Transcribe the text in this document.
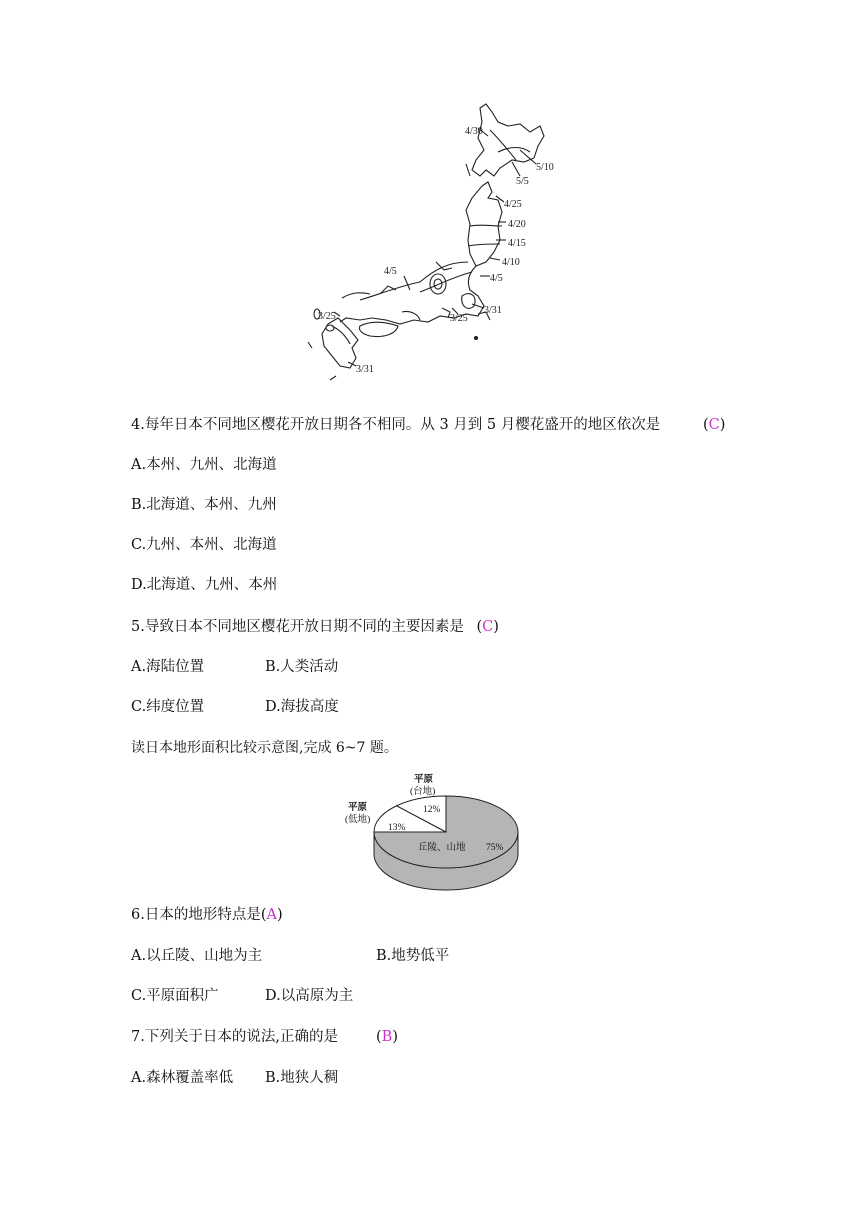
4/30
5/10
5/5
4/25
4/20
4/15
4/10
4/5
4/5
3/31
3/25
3/25
3/31
4.每年日本不同地区樱花开放日期各不相同。从 3 月到 5 月樱花盛开的地区依次是	(C)
A.本州、九州、北海道
B.北海道、本州、九州
C.九州、本州、北海道
D.北海道、九州、本州
5.导致日本不同地区樱花开放日期不同的主要因素是 (C)
A.海陆位置	B.人类活动
C.纬度位置	D.海拔高度
读日本地形面积比较示意图,完成 6~7 题。
75%
13%
12%
丘陵、山地
平原
(低地)
平原
(台地)
6.日本的地形特点是(A)
A.以丘陵、山地为主	B.地势低平
C.平原面积广	D.以高原为主
7.下列关于日本的说法,正确的是	(B)
A.森林覆盖率低 B.地狭人稠
